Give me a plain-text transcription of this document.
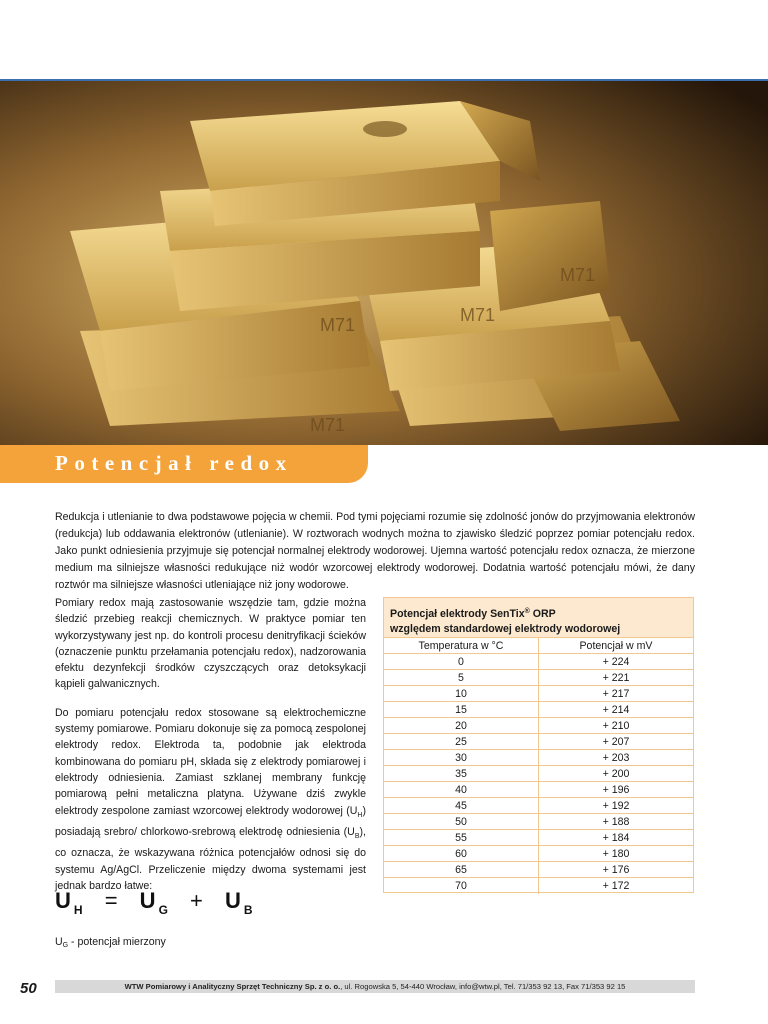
M71	M71
M71
M71
Potencjał redox
Redukcja i utlenianie to dwa podstawowe pojęcia w chemii. Pod tymi pojęciami rozumie się zdolność jonów do przyjmowania elektronów (redukcja) lub oddawania elektronów (utlenianie). W roztworach wodnych można to zjawisko śledzić poprzez pomiar potencjału redox. Jako punkt odniesienia przyjmuje się potencjał normalnej elektrody wodorowej. Ujemna wartość potencjału redox oznacza, że mierzone medium ma silniejsze własności redukujące niż wodór wzorcowej elektrody wodorowej. Dodatnia wartość potencjału mówi, że dany roztwór ma silniejsze własności utleniające niż jony wodorowe.

Pomiary redox mają zastosowanie wszędzie tam, gdzie można śledzić przebieg reakcji chemicznych. W praktyce pomiar ten wykorzystywany jest np. do kontroli procesu denitryfikacji ścieków (oznaczenie punktu przełamania potencjału redox), nadzorowania efektu dezynfekcji środków czyszczących oraz detoksykacji kąpieli galwanicznych.

Do pomiaru potencjału redox stosowane są elektrochemiczne systemy pomiarowe. Pomiaru dokonuje się za pomocą zespolonej elektrody redox. Elektroda ta, podobnie jak elektroda kombinowana do pomiaru pH, składa się z elektrody pomiarowej i elektrody odniesienia. Zamiast szklanej membrany funkcję pomiarową pełni metaliczna platyna. Używane dziś zwykle elektrody zespolone zamiast wzorcowej elektrody wodorowej $(U_H)$ posiadają srebro/ chlorkowo-srebrową elektrodę odniesienia $(U_B)$, co oznacza, że wskazywana różnica potencjałów odnosi się do systemu Ag/AgCl. Przeliczenie między dwoma systemami jest jednak bardzo łatwe:

U $_H$ = U $_G$ + U $_B$
UG - potencjał mierzony
Potencjał elektrody SenTix® ORP
względem standardowej elektrody wodorowej
Temperatura w °C	Potencjał w mV
0	+ 224
5	+ 221
10	+ 217
15	+ 214
20	+ 210
25	+ 207
30	+ 203
35	+ 200
40	+ 196
45	+ 192
50	+ 188
55	+ 184
60	+ 180
65	+ 176
70	+ 172
50	WTW Pomiarowy i Analityczny Sprzęt Techniczny Sp. z o. o., ul. Rogowska 5, 54-440 Wrocław, info@wtw.pl, Tel. 71/353 92 13, Fax 71/353 92 15
